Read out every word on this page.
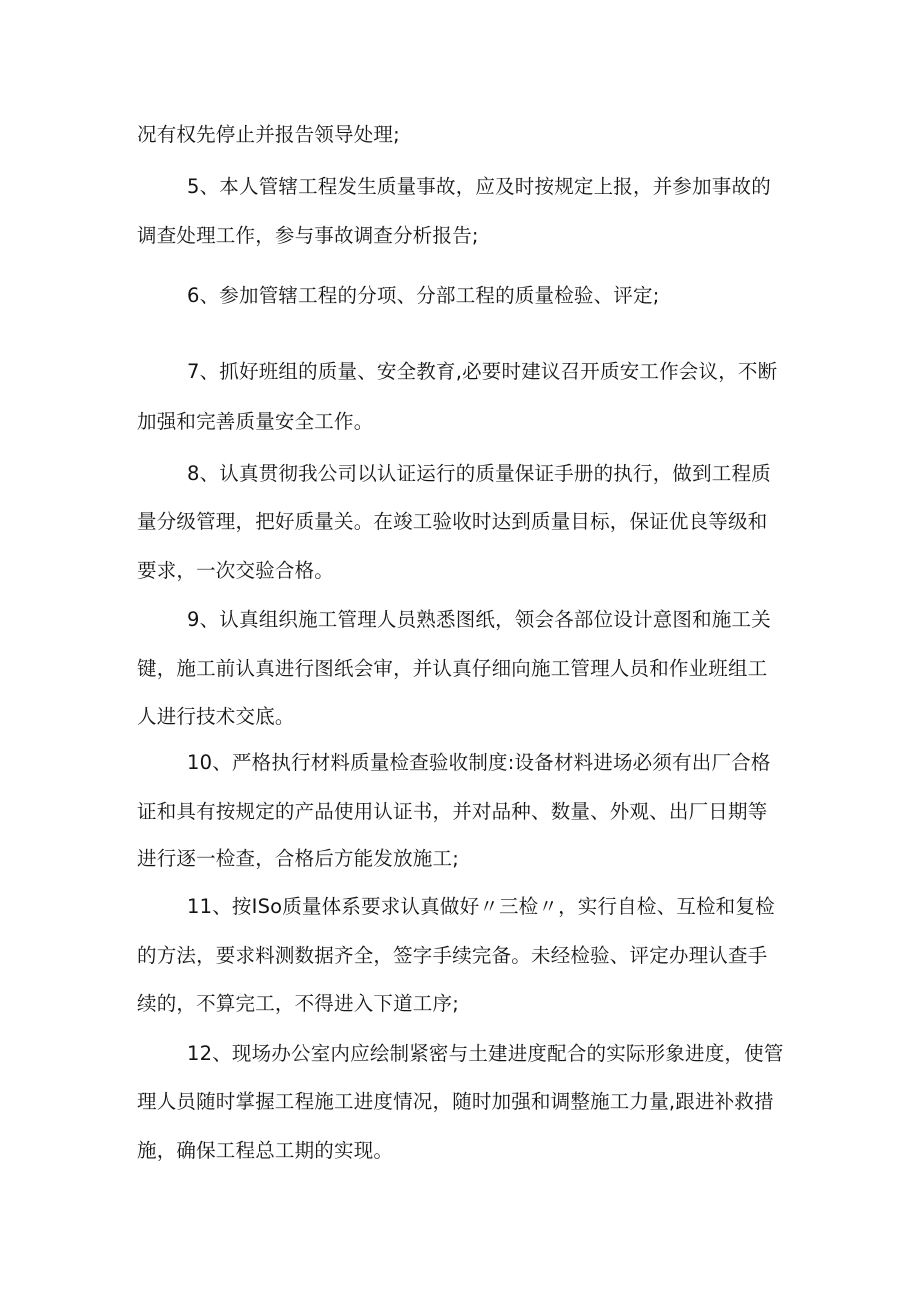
况有权先停止并报告领导处理;

5、本人管辖工程发生质量事故，应及时按规定上报，并参加事故的

调查处理工作，参与事故调查分析报告;

6、参加管辖工程的分项、分部工程的质量检验、评定;

7、抓好班组的质量、安全教育,必要时建议召开质安工作会议，不断

加强和完善质量安全工作。

8、认真贯彻我公司以认证运行的质量保证手册的执行，做到工程质

量分级管理，把好质量关。在竣工验收时达到质量目标，保证优良等级和

要求，一次交验合格。

9、认真组织施工管理人员熟悉图纸，领会各部位设计意图和施工关

键，施工前认真进行图纸会审，并认真仔细向施工管理人员和作业班组工

人进行技术交底。

10、严格执行材料质量检查验收制度:设备材料进场必须有出厂合格

证和具有按规定的产品使用认证书，并对品种、数量、外观、出厂日期等

进行逐一检查，合格后方能发放施工;

11、按ISo质量体系要求认真做好〃三检〃，实行自检、互检和复检

的方法，要求料测数据齐全，签字手续完备。未经检验、评定办理认查手

续的，不算完工，不得进入下道工序;

12、现场办公室内应绘制紧密与土建进度配合的实际形象进度，使管

理人员随时掌握工程施工进度情况，随时加强和调整施工力量,跟进补救措

施，确保工程总工期的实现。
